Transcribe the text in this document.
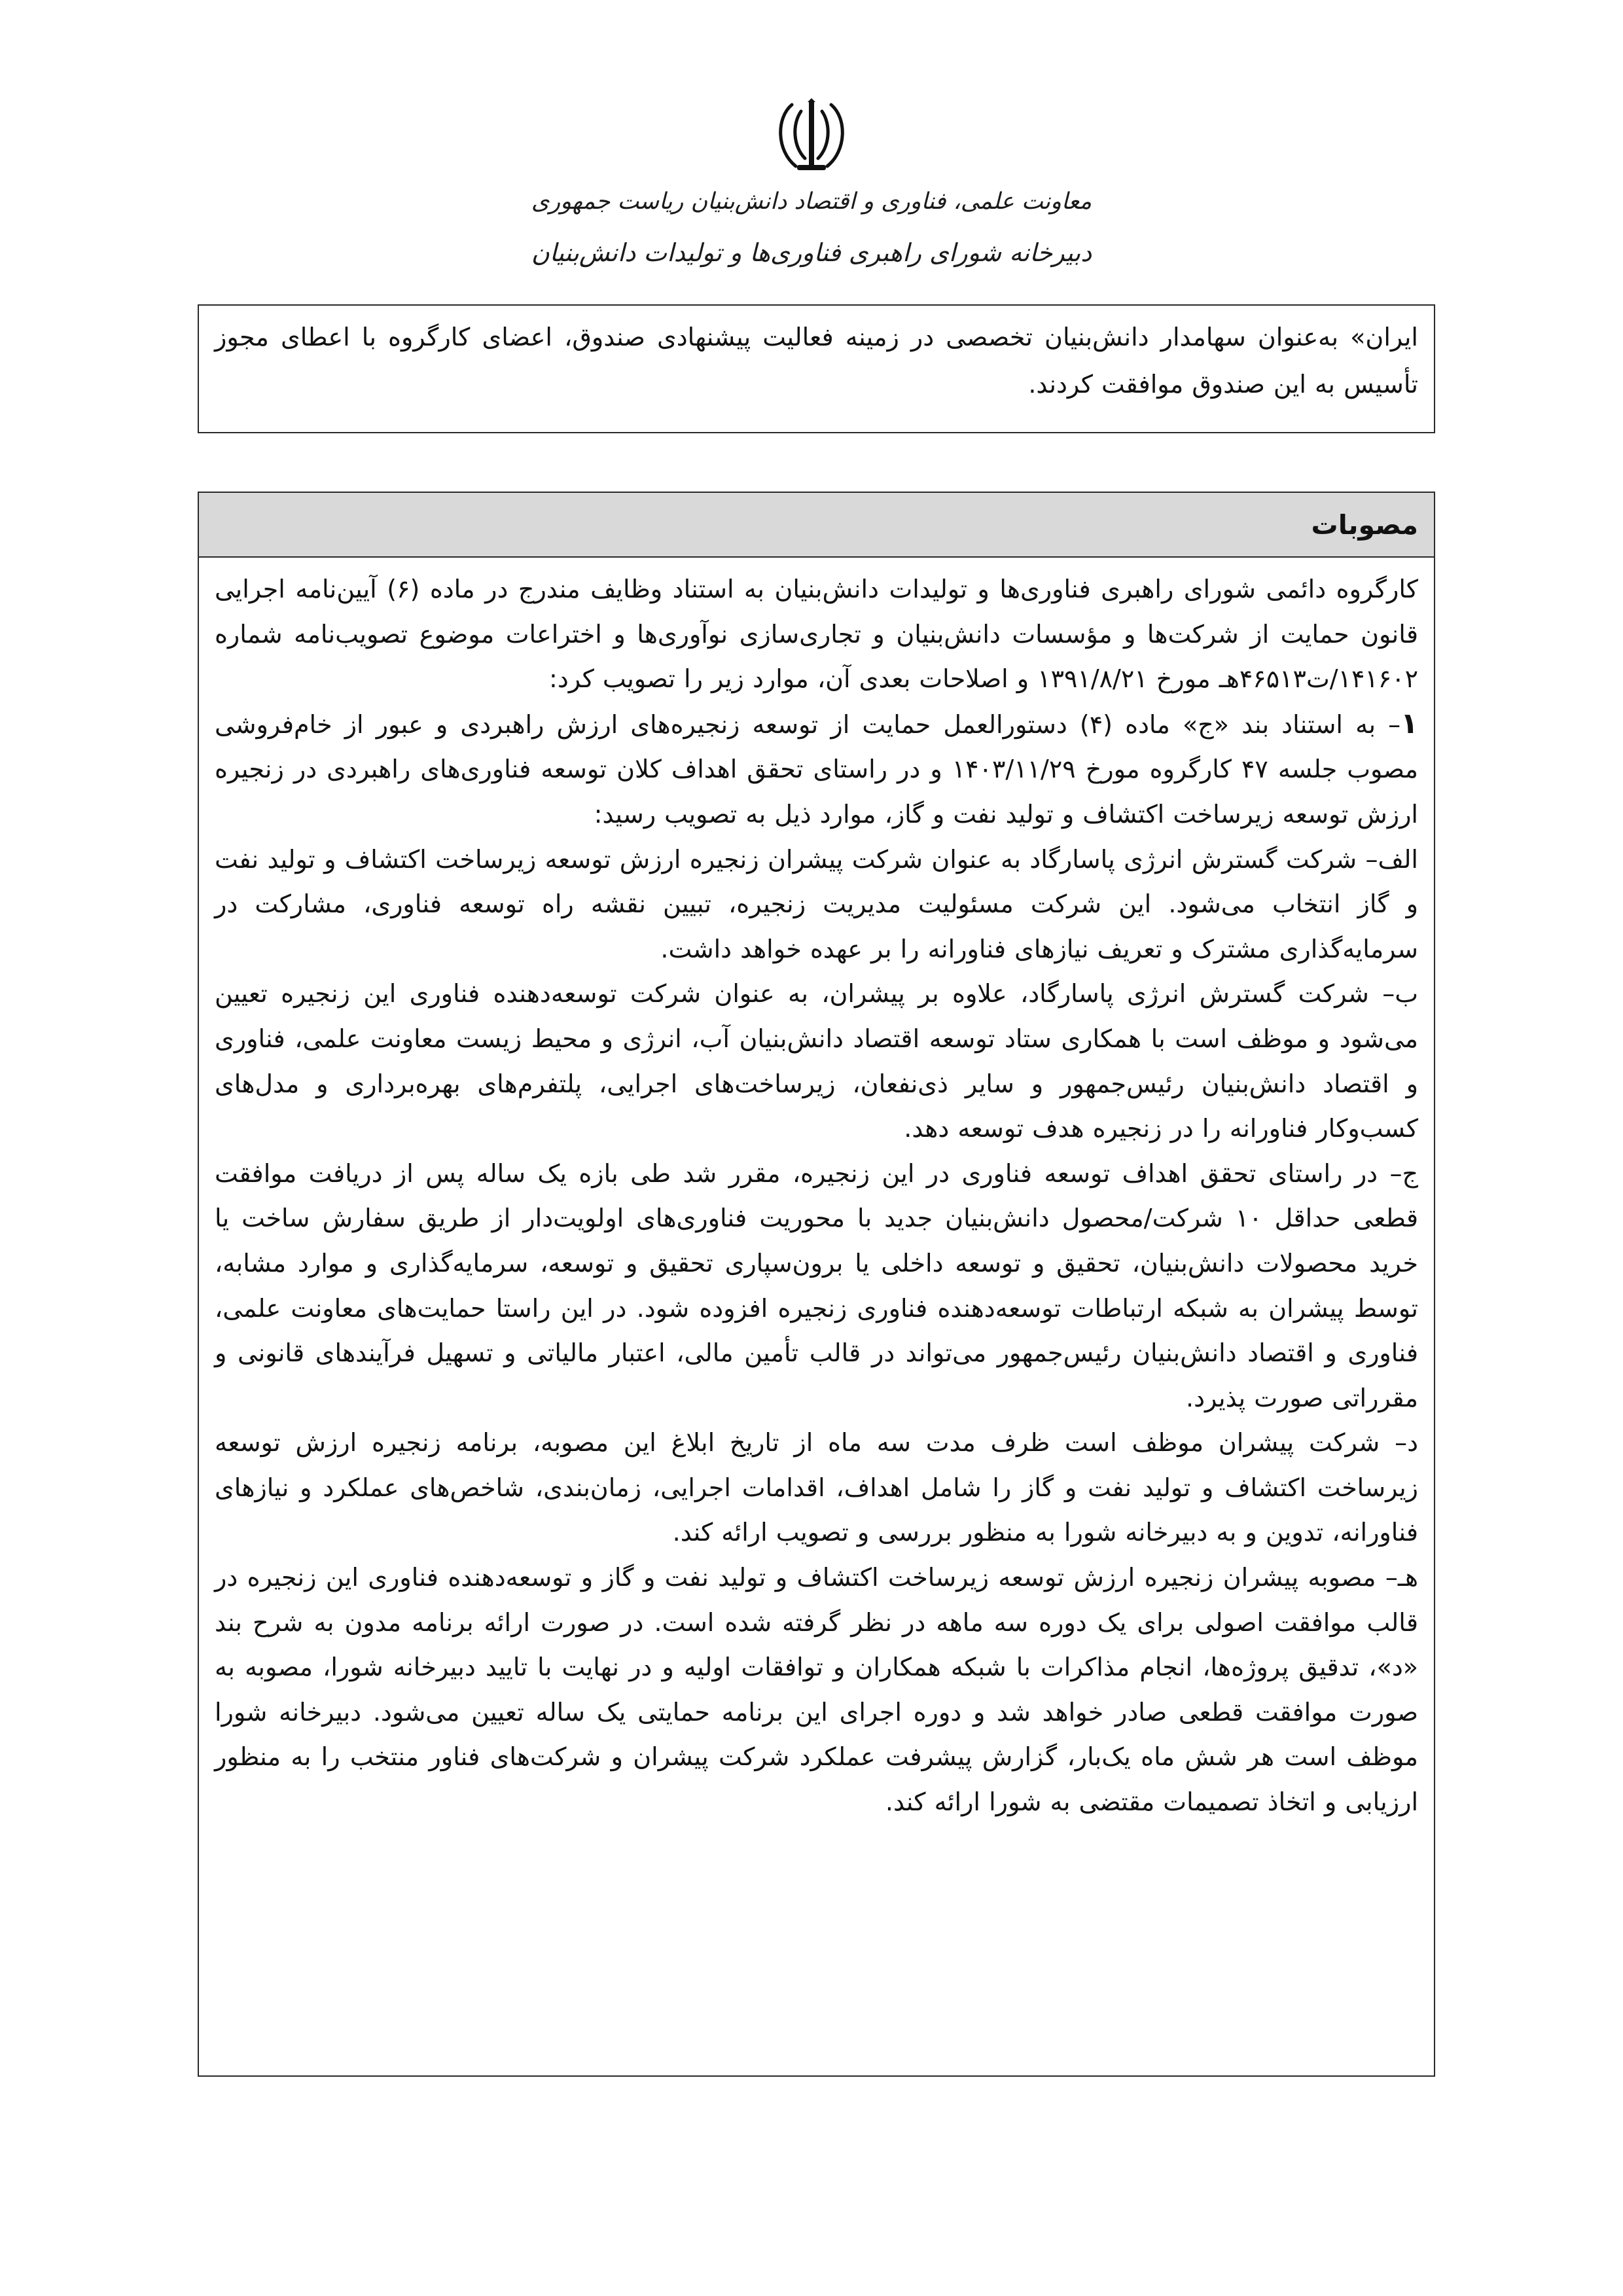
معاونت علمی، فناوری و اقتصاد دانش‌بنیان ریاست جمهوری
دبیرخانه شورای راهبری فناوری‌ها و تولیدات دانش‌بنیان

ایران» به‌عنوان سهامدار دانش‌بنیان تخصصی در زمینه فعالیت پیشنهادی صندوق، اعضای کارگروه با اعطای مجوز تأسیس به این صندوق موافقت کردند.

مصوبات

کارگروه دائمی شورای راهبری فناوری‌ها و تولیدات دانش‌بنیان به استناد وظایف مندرج در ماده (۶) آیین‌نامه اجرایی قانون حمایت از شرکت‌ها و مؤسسات دانش‌بنیان و تجاری‌سازی نوآوری‌ها و اختراعات موضوع تصویب‌نامه شماره ۱۴۱۶۰۲/ت۴۶۵۱۳هـ مورخ ۱۳۹۱/۸/۲۱ و اصلاحات بعدی آن، موارد زیر را تصویب کرد:

۱– به استناد بند «ج» ماده (۴) دستورالعمل حمایت از توسعه زنجیره‌های ارزش راهبردی و عبور از خام‌فروشی مصوب جلسه ۴۷ کارگروه مورخ ۱۴۰۳/۱۱/۲۹ و در راستای تحقق اهداف کلان توسعه فناوری‌های راهبردی در زنجیره ارزش توسعه زیرساخت اکتشاف و تولید نفت و گاز، موارد ذیل به تصویب رسید:

الف– شرکت گسترش انرژی پاسارگاد به عنوان شرکت پیشران زنجیره ارزش توسعه زیرساخت اکتشاف و تولید نفت و گاز انتخاب می‌شود. این شرکت مسئولیت مدیریت زنجیره، تبیین نقشه راه توسعه فناوری، مشارکت در سرمایه‌گذاری مشترک و تعریف نیازهای فناورانه را بر عهده خواهد داشت.

ب– شرکت گسترش انرژی پاسارگاد، علاوه بر پیشران، به عنوان شرکت توسعه‌دهنده فناوری این زنجیره تعیین می‌شود و موظف است با همکاری ستاد توسعه اقتصاد دانش‌بنیان آب، انرژی و محیط زیست معاونت علمی، فناوری و اقتصاد دانش‌بنیان رئیس‌جمهور و سایر ذی‌نفعان، زیرساخت‌های اجرایی، پلتفرم‌های بهره‌برداری و مدل‌های کسب‌وکار فناورانه را در زنجیره هدف توسعه دهد.

ج– در راستای تحقق اهداف توسعه فناوری در این زنجیره، مقرر شد طی بازه یک ساله پس از دریافت موافقت قطعی حداقل ۱۰ شرکت/محصول دانش‌بنیان جدید با محوریت فناوری‌های اولویت‌دار از طریق سفارش ساخت یا خرید محصولات دانش‌بنیان، تحقیق و توسعه داخلی یا برون‌سپاری تحقیق و توسعه، سرمایه‌گذاری و موارد مشابه، توسط پیشران به شبکه ارتباطات توسعه‌دهنده فناوری زنجیره افزوده شود. در این راستا حمایت‌های معاونت علمی، فناوری و اقتصاد دانش‌بنیان رئیس‌جمهور می‌تواند در قالب تأمین مالی، اعتبار مالیاتی و تسهیل فرآیندهای قانونی و مقرراتی صورت پذیرد.

د– شرکت پیشران موظف است ظرف مدت سه ماه از تاریخ ابلاغ این مصوبه، برنامه زنجیره ارزش توسعه زیرساخت اکتشاف و تولید نفت و گاز را شامل اهداف، اقدامات اجرایی، زمان‌بندی، شاخص‌های عملکرد و نیازهای فناورانه، تدوین و به دبیرخانه شورا به منظور بررسی و تصویب ارائه کند.

هـ– مصوبه پیشران زنجیره ارزش توسعه زیرساخت اکتشاف و تولید نفت و گاز و توسعه‌دهنده فناوری این زنجیره در قالب موافقت اصولی برای یک دوره سه ماهه در نظر گرفته شده است. در صورت ارائه برنامه مدون به شرح بند «د»، تدقیق پروژه‌ها، انجام مذاکرات با شبکه همکاران و توافقات اولیه و در نهایت با تایید دبیرخانه شورا، مصوبه به صورت موافقت قطعی صادر خواهد شد و دوره اجرای این برنامه حمایتی یک ساله تعیین می‌شود. دبیرخانه شورا موظف است هر شش ماه یک‌بار، گزارش پیشرفت عملکرد شرکت پیشران و شرکت‌های فناور منتخب را به منظور ارزیابی و اتخاذ تصمیمات مقتضی به شورا ارائه کند.
